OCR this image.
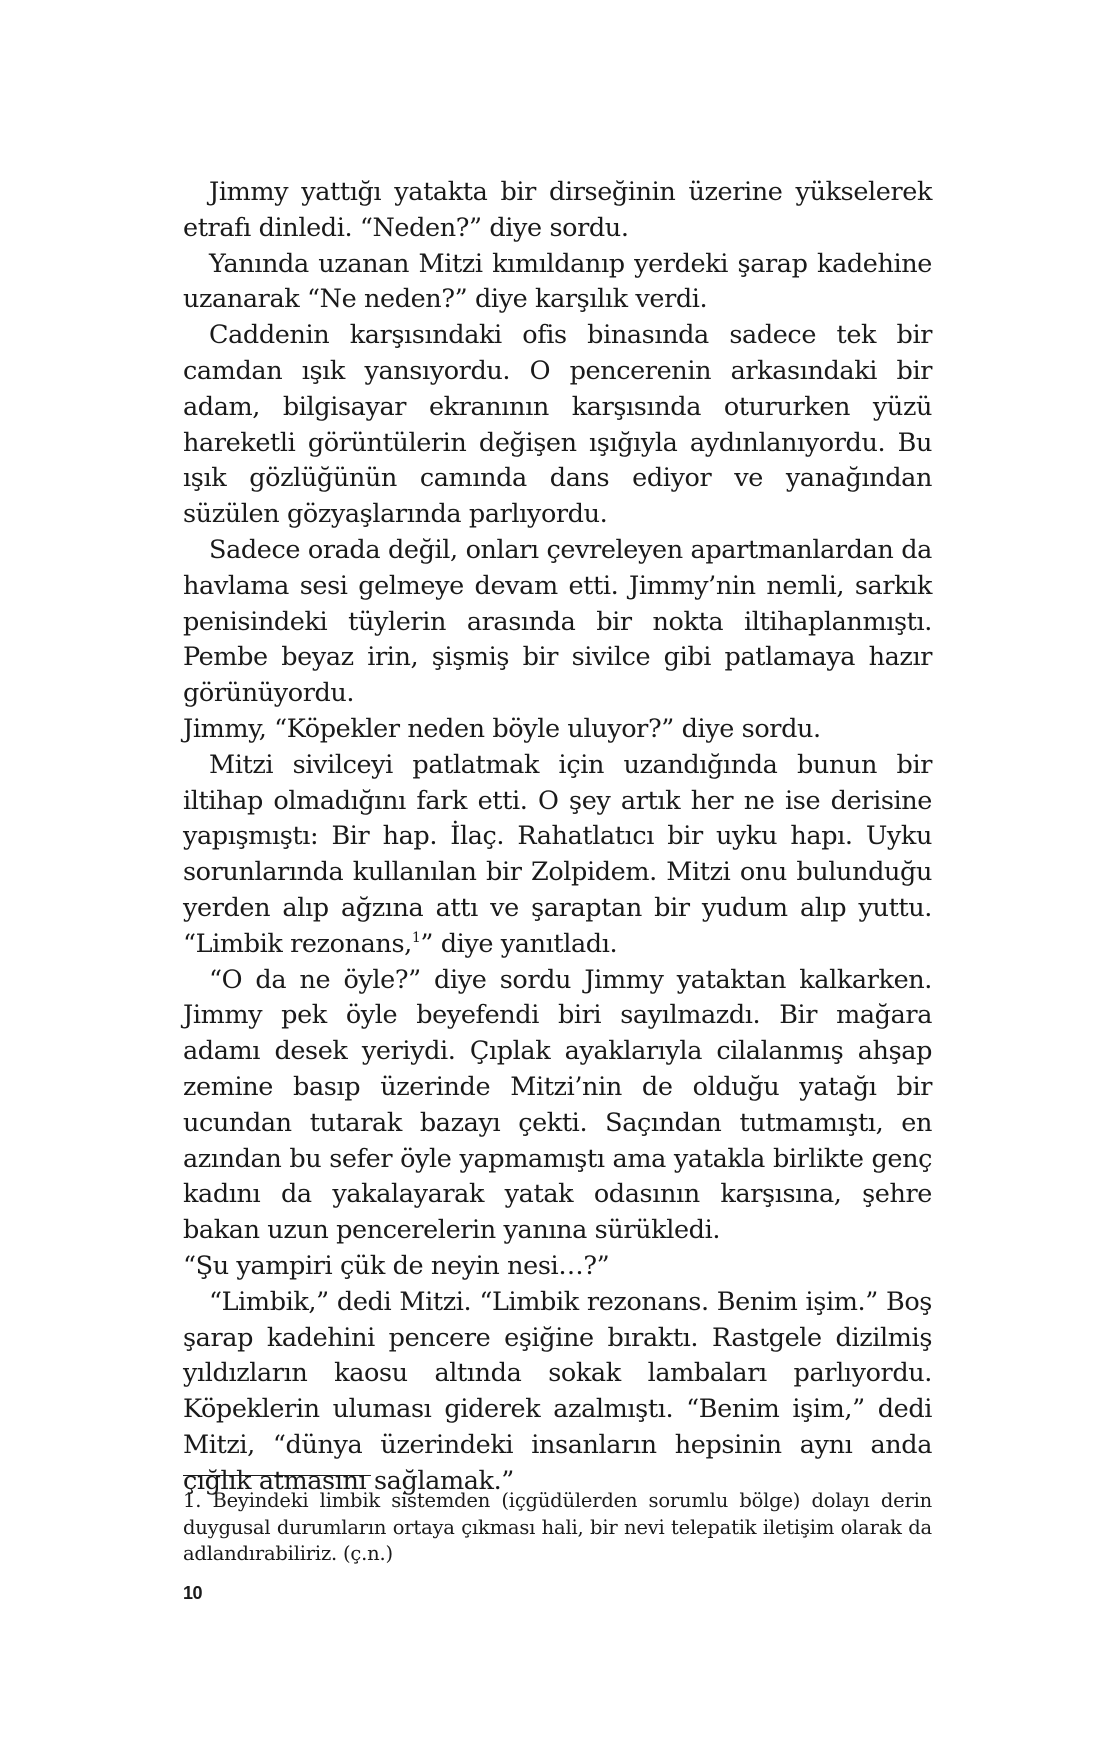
Jimmy yattığı yatakta bir dirseğinin üzerine yükselerek etrafı dinledi. “Neden?” diye sordu.

Yanında uzanan Mitzi kımıldanıp yerdeki şarap kadehine uzanarak “Ne neden?” diye karşılık verdi.

Caddenin karşısındaki ofis binasında sadece tek bir camdan ışık yansıyordu. O pencerenin arkasındaki bir adam, bilgisayar ekranının karşısında otururken yüzü hareketli görüntülerin değişen ışığıyla aydınlanıyordu. Bu ışık gözlüğünün camında dans ediyor ve yanağından süzülen gözyaşlarında parlıyordu.

Sadece orada değil, onları çevreleyen apartmanlardan da havlama sesi gelmeye devam etti. Jimmy’nin nemli, sarkık penisindeki tüylerin arasında bir nokta iltihaplanmıştı. Pembe beyaz irin, şişmiş bir sivilce gibi patlamaya hazır görünüyordu.

Jimmy, “Köpekler neden böyle uluyor?” diye sordu.

Mitzi sivilceyi patlatmak için uzandığında bunun bir iltihap olmadığını fark etti. O şey artık her ne ise derisine yapışmıştı: Bir hap. İlaç. Rahatlatıcı bir uyku hapı. Uyku sorunlarında kullanılan bir Zolpidem. Mitzi onu bulunduğu yerden alıp ağzına attı ve şaraptan bir yudum alıp yuttu. “Limbik rezonans,$^1$” diye yanıtladı.

“O da ne öyle?” diye sordu Jimmy yataktan kalkarken. Jimmy pek öyle beyefendi biri sayılmazdı. Bir mağara adamı desek yeriydi. Çıplak ayaklarıyla cilalanmış ahşap zemine basıp üzerinde Mitzi’nin de olduğu yatağı bir ucundan tutarak bazayı çekti. Saçından tutmamıştı, en azından bu sefer öyle yapmamıştı ama yatakla birlikte genç kadını da yakalayarak yatak odasının karşısına, şehre bakan uzun pencerelerin yanına sürükledi.

“Şu yampiri çük de neyin nesi…?”

“Limbik,” dedi Mitzi. “Limbik rezonans. Benim işim.” Boş şarap kadehini pencere eşiğine bıraktı. Rastgele dizilmiş yıldızların kaosu altında sokak lambaları parlıyordu. Köpeklerin uluması giderek azalmıştı. “Benim işim,” dedi Mitzi, “dünya üzerindeki insanların hepsinin aynı anda çığlık atmasını sağlamak.”

1. Beyindeki limbik sistemden (içgüdülerden sorumlu bölge) dolayı derin duygusal durumların ortaya çıkması hali, bir nevi telepatik iletişim olarak da adlandırabiliriz. (ç.n.)

10
